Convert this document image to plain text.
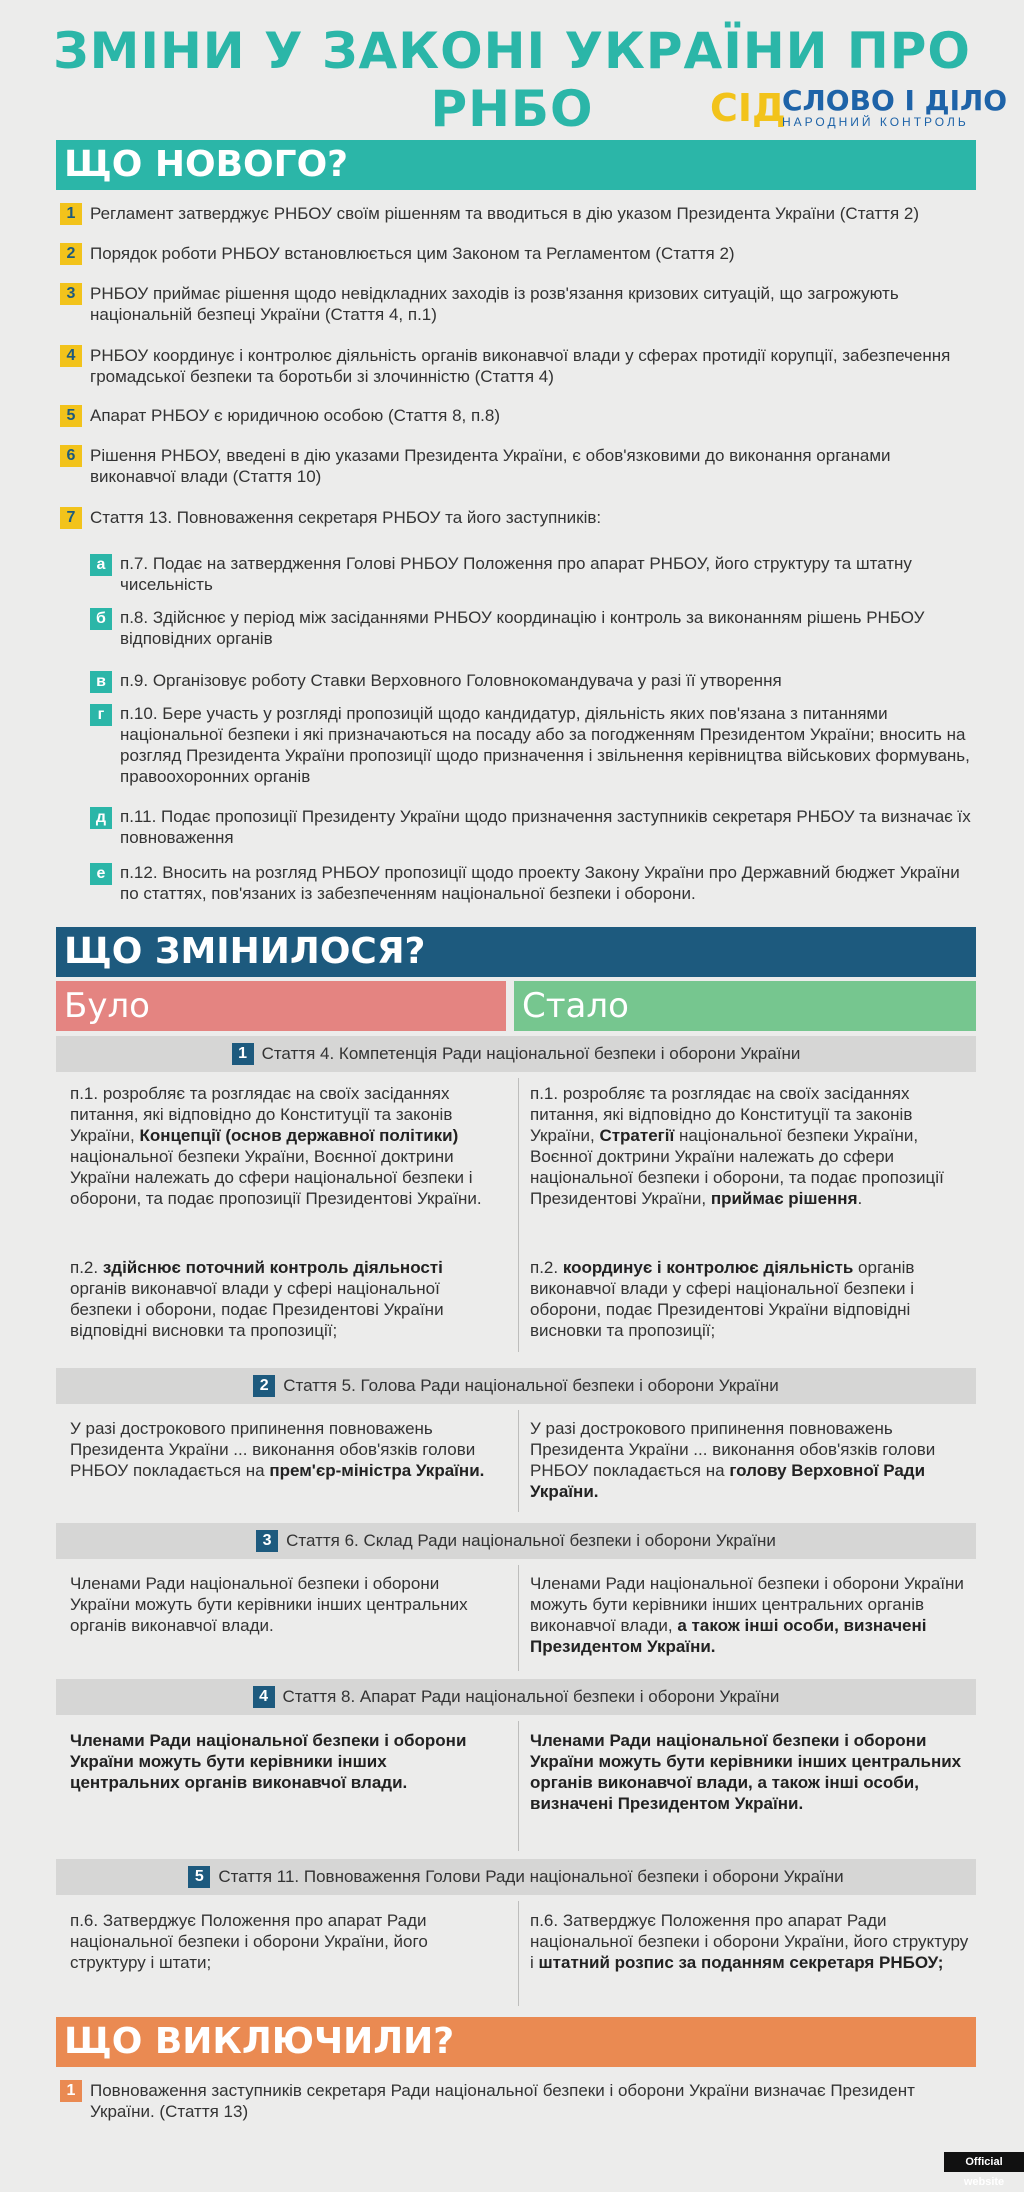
ЗМІНИ У ЗАКОНІ УКРАЇНИ ПРО РНБО	СІД
СЛОВО І ДІЛО
НАРОДНИЙ КОНТРОЛЬ
ЩО НОВОГО?
1 Регламент затверджує РНБОУ своїм рішенням та вводиться в дію указом Президента України (Стаття 2)
2 Порядок роботи РНБОУ встановлюється цим Законом та Регламентом (Стаття 2)
3 РНБОУ приймає рішення щодо невідкладних заходів із розв'язання кризових ситуацій, що загрожують національній безпеці України (Стаття 4, п.1)
4 РНБОУ координує і контролює діяльність органів виконавчої влади у сферах протидії корупції, забезпечення громадської безпеки та боротьби зі злочинністю (Стаття 4)
5 Апарат РНБОУ є юридичною особою (Стаття 8, п.8)
6 Рішення РНБОУ, введені в дію указами Президента України, є обов'язковими до виконання органами виконавчої влади (Стаття 10)
7 Стаття 13. Повноваження секретаря РНБОУ та його заступників:
а п.7. Подає на затвердження Голові РНБОУ Положення про апарат РНБОУ, його структуру та штатну чисельність
б п.8. Здійснює у період між засіданнями РНБОУ координацію і контроль за виконанням рішень РНБОУ відповідних органів
в п.9. Організовує роботу Ставки Верховного Головнокомандувача у разі її утворення
г п.10. Бере участь у розгляді пропозицій щодо кандидатур, діяльність яких пов'язана з питаннями національної безпеки і які призначаються на посаду або за погодженням Президентом України; вносить на розгляд Президента України пропозиції щодо призначення і звільнення керівництва військових формувань, правоохоронних органів
д п.11. Подає пропозиції Президенту України щодо призначення заступників секретаря РНБОУ та визначає їх повноваження
е п.12. Вносить на розгляд РНБОУ пропозиції щодо проекту Закону України про Державний бюджет України по статтях, пов'язаних із забезпеченням національної безпеки і оборони.
ЩО ЗМІНИЛОСЯ?
Було	Стало
1 Стаття 4. Компетенція Ради національної безпеки і оборони України
п.1. розробляє та розглядає на своїх засіданнях питання, які відповідно до Конституції та законів України, Концепції (основ державної політики) національної безпеки України, Воєнної доктрини України належать до сфери національної безпеки і оборони, та подає пропозиції Президентові України.
п.1. розробляє та розглядає на своїх засіданнях питання, які відповідно до Конституції та законів України, Стратегії національної безпеки України, Воєнної доктрини України належать до сфери національної безпеки і оборони, та подає пропозиції Президентові України, приймає рішення.
п.2. здійснює поточний контроль діяльності органів виконавчої влади у сфері національної безпеки і оборони, подає Президентові України відповідні висновки та пропозиції;
п.2. координує і контролює діяльність органів виконавчої влади у сфері національної безпеки і оборони, подає Президентові України відповідні висновки та пропозиції;
2 Стаття 5. Голова Ради національної безпеки і оборони України
У разі дострокового припинення повноважень Президента України ... виконання обов'язків голови РНБОУ покладається на прем'єр-міністра України.
У разі дострокового припинення повноважень Президента України ... виконання обов'язків голови РНБОУ покладається на голову Верховної Ради України.
3 Стаття 6. Склад Ради національної безпеки і оборони України
Членами Ради національної безпеки і оборони України можуть бути керівники інших центральних органів виконавчої влади.
Членами Ради національної безпеки і оборони України можуть бути керівники інших центральних органів виконавчої влади, а також інші особи, визначені Президентом України.
4 Стаття 8. Апарат Ради національної безпеки і оборони України
Членами Ради національної безпеки і оборони України можуть бути керівники інших центральних органів виконавчої влади.
Членами Ради національної безпеки і оборони України можуть бути керівники інших центральних органів виконавчої влади, а також інші особи, визначені Президентом України.
5 Стаття 11. Повноваження Голови Ради національної безпеки і оборони України
п.6. Затверджує Положення про апарат Ради національної безпеки і оборони України, його структуру і штати;
п.6. Затверджує Положення про апарат Ради національної безпеки і оборони України, його структуру і штатний розпис за поданням секретаря РНБОУ;
ЩО ВИКЛЮЧИЛИ?
1 Повноваження заступників секретаря Ради національної безпеки і оборони України визначає Президент України. (Стаття 13)
Official website
